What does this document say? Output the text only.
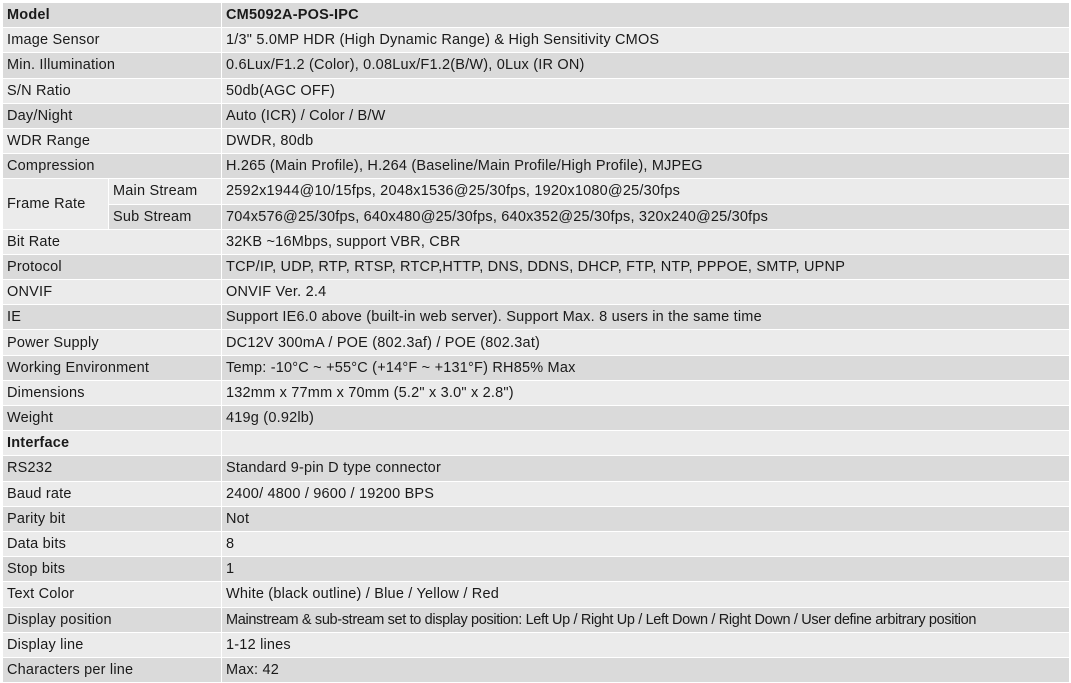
Model		CM5092A-POS-IPC
Image Sensor		1/3" 5.0MP HDR (High Dynamic Range) & High Sensitivity CMOS
Min. Illumination		0.6Lux/F1.2 (Color), 0.08Lux/F1.2(B/W), 0Lux (IR ON)
S/N Ratio		50db(AGC OFF)
Day/Night		Auto (ICR) / Color / B/W
WDR Range		DWDR, 80db
Compression		H.265 (Main Profile), H.264 (Baseline/Main Profile/High Profile), MJPEG
Frame Rate	Main Stream	2592x1944@10/15fps, 2048x1536@25/30fps, 1920x1080@25/30fps
	Sub Stream	704x576@25/30fps, 640x480@25/30fps, 640x352@25/30fps, 320x240@25/30fps
Bit Rate		32KB ~16Mbps, support VBR, CBR
Protocol		TCP/IP, UDP, RTP, RTSP, RTCP,HTTP, DNS, DDNS, DHCP, FTP, NTP, PPPOE, SMTP, UPNP
ONVIF		ONVIF Ver. 2.4
IE		Support IE6.0 above (built-in web server). Support Max. 8 users in the same time
Power Supply		DC12V 300mA / POE (802.3af) / POE (802.3at)
Working Environment		Temp: -10°C ~ +55°C (+14°F ~ +131°F) RH85% Max
Dimensions		132mm x 77mm x 70mm (5.2" x 3.0" x 2.8")
Weight		419g (0.92lb)
Interface		
RS232		Standard 9-pin D type connector
Baud rate		2400/ 4800 / 9600 / 19200 BPS
Parity bit		Not
Data bits		8
Stop bits		1
Text Color		White (black outline) / Blue / Yellow / Red
Display position		Mainstream & sub-stream set to display position: Left Up / Right Up / Left Down / Right Down / User define arbitrary position
Display line		1-12 lines
Characters per line		Max: 42
